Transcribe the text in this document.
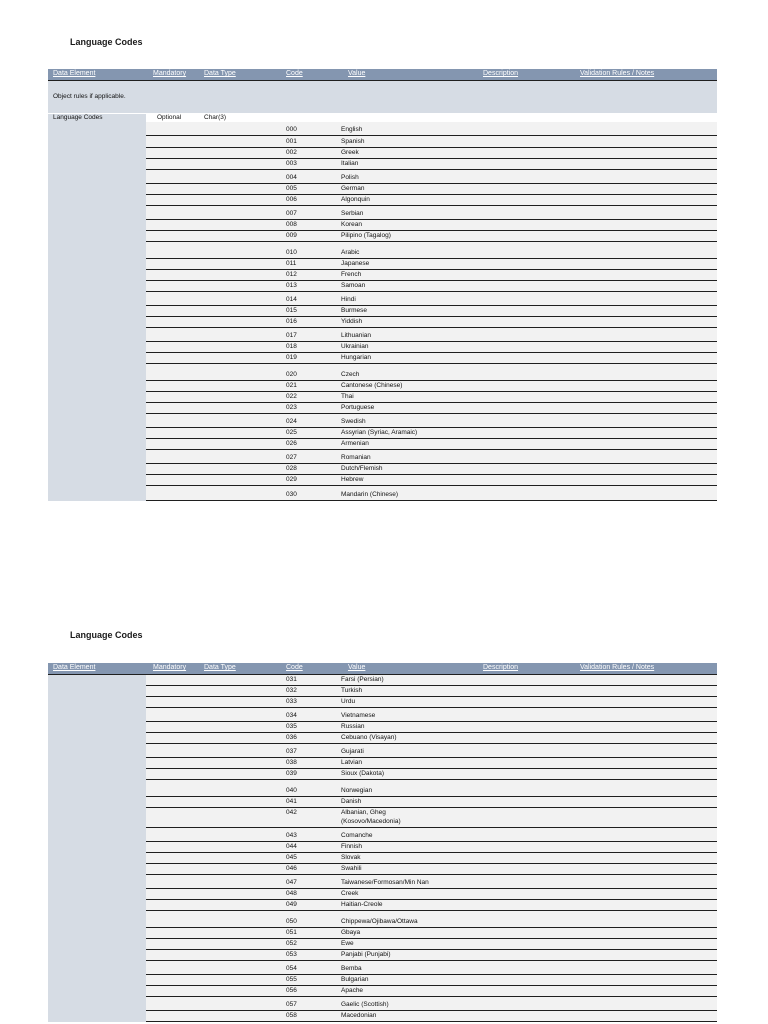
Language Codes
Data Element	Mandatory	Data Type	Code	Value	Description	Validation Rules / Notes
Object rules if applicable.
Language Codes	Optional	Char(3)
000	English
001	Spanish
002	Greek
003	Italian
004	Polish
005	German
006	Algonquin
007	Serbian
008	Korean
009	Pilipino (Tagalog)
010	Arabic
011	Japanese
012	French
013	Samoan
014	Hindi
015	Burmese
016	Yiddish
017	Lithuanian
018	Ukrainian
019	Hungarian
020	Czech
021	Cantonese (Chinese)
022	Thai
023	Portuguese
024	Swedish
025	Assyrian (Syriac, Aramaic)
026	Armenian
027	Romanian
028	Dutch/Flemish
029	Hebrew
030	Mandarin (Chinese)
Language Codes
Data Element	Mandatory	Data Type	Code	Value	Description	Validation Rules / Notes
031	Farsi (Persian)
032	Turkish
033	Urdu
034	Vietnamese
035	Russian
036	Cebuano (Visayan)
037	Gujarati
038	Latvian
039	Sioux (Dakota)
040	Norwegian
041	Danish
042	Albanian, Gheg
(Kosovo/Macedonia)
043	Comanche
044	Finnish
045	Slovak
046	Swahili
047	Taiwanese/Formosan/Min Nan
048	Creek
049	Haitian-Creole
050	Chippewa/Ojibawa/Ottawa
051	Gbaya
052	Ewe
053	Panjabi (Punjabi)
054	Bemba
055	Bulgarian
056	Apache
057	Gaelic (Scottish)
058	Macedonian
